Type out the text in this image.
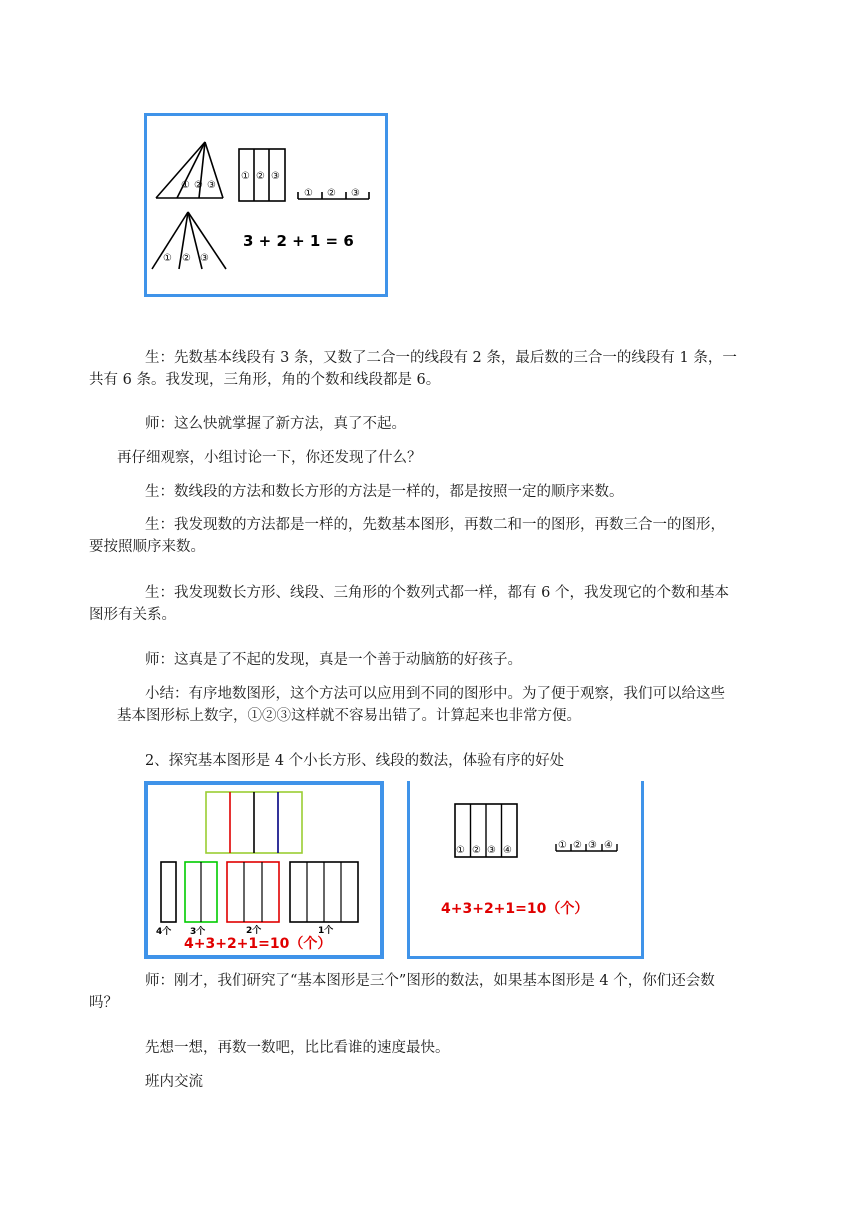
① ② ③
① ② ③
① ② ③
① ② ③
3 + 2 + 1 = 6

生：先数基本线段有 3 条，又数了二合一的线段有 2 条，最后数的三合一的线段有 1 条，一
共有 6 条。我发现，三角形，角的个数和线段都是 6。

师：这么快就掌握了新方法，真了不起。

再仔细观察，小组讨论一下，你还发现了什么？

生：数线段的方法和数长方形的方法是一样的，都是按照一定的顺序来数。

生：我发现数的方法都是一样的，先数基本图形，再数二和一的图形，再数三合一的图形，
要按照顺序来数。

生：我发现数长方形、线段、三角形的个数列式都一样，都有 6 个，我发现它的个数和基本
图形有关系。

师：这真是了不起的发现，真是一个善于动脑筋的好孩子。

小结：有序地数图形，这个方法可以应用到不同的图形中。为了便于观察，我们可以给这些
基本图形标上数字，①②③这样就不容易出错了。计算起来也非常方便。

2、探究基本图形是 4 个小长方形、线段的数法，体验有序的好处

4个 3个	2个	1个
4+3+2+1=10（个）
① ② ③ ④	① ② ③ ④
4+3+2+1=10（个）

师：刚才，我们研究了“基本图形是三个”图形的数法，如果基本图形是 4 个，你们还会数
吗？

先想一想，再数一数吧，比比看谁的速度最快。

班内交流
